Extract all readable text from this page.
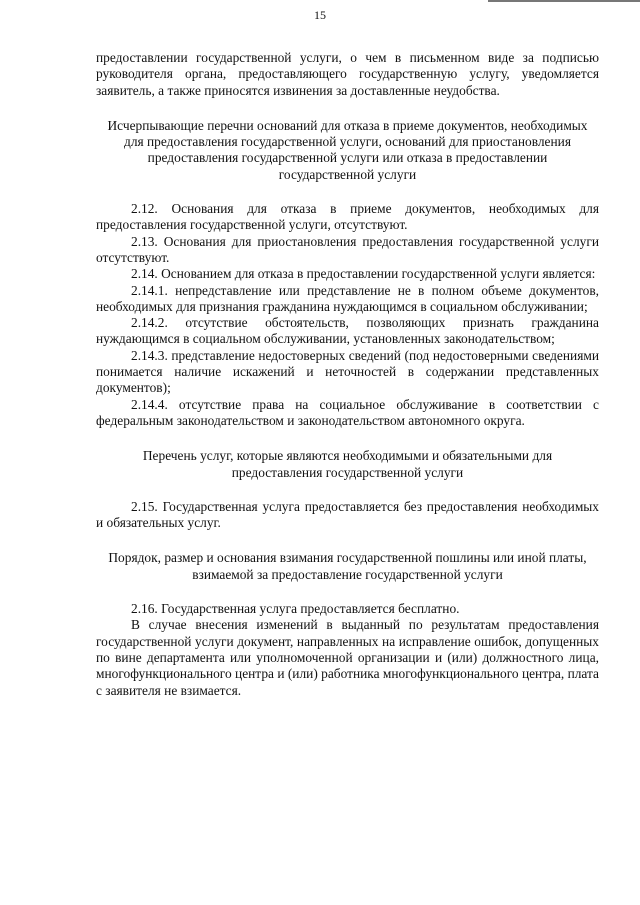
15

предоставлении государственной услуги, о чем в письменном виде за подписью руководителя органа, предоставляющего государственную услугу, уведомляется заявитель, а также приносятся извинения за доставленные неудобства.

Исчерпывающие перечни оснований для отказа в приеме документов, необходимых для предоставления государственной услуги, оснований для приостановления предоставления государственной услуги или отказа в предоставлении государственной услуги

2.12. Основания для отказа в приеме документов, необходимых для предоставления государственной услуги, отсутствуют.

2.13. Основания для приостановления предоставления государственной услуги отсутствуют.

2.14. Основанием для отказа в предоставлении государственной услуги является:

2.14.1. непредставление или представление не в полном объеме документов, необходимых для признания гражданина нуждающимся в социальном обслуживании;

2.14.2. отсутствие обстоятельств, позволяющих признать гражданина нуждающимся в социальном обслуживании, установленных законодательством;

2.14.3. представление недостоверных сведений (под недостоверными сведениями понимается наличие искажений и неточностей в содержании представленных документов);

2.14.4. отсутствие права на социальное обслуживание в соответствии с федеральным законодательством и законодательством автономного округа.

Перечень услуг, которые являются необходимыми и обязательными для предоставления государственной услуги

2.15. Государственная услуга предоставляется без предоставления необходимых и обязательных услуг.

Порядок, размер и основания взимания государственной пошлины или иной платы, взимаемой за предоставление государственной услуги

2.16. Государственная услуга предоставляется бесплатно.

В случае внесения изменений в выданный по результатам предоставления государственной услуги документ, направленных на исправление ошибок, допущенных по вине департамента или уполномоченной организации и (или) должностного лица, многофункционального центра и (или) работника многофункционального центра, плата с заявителя не взимается.
